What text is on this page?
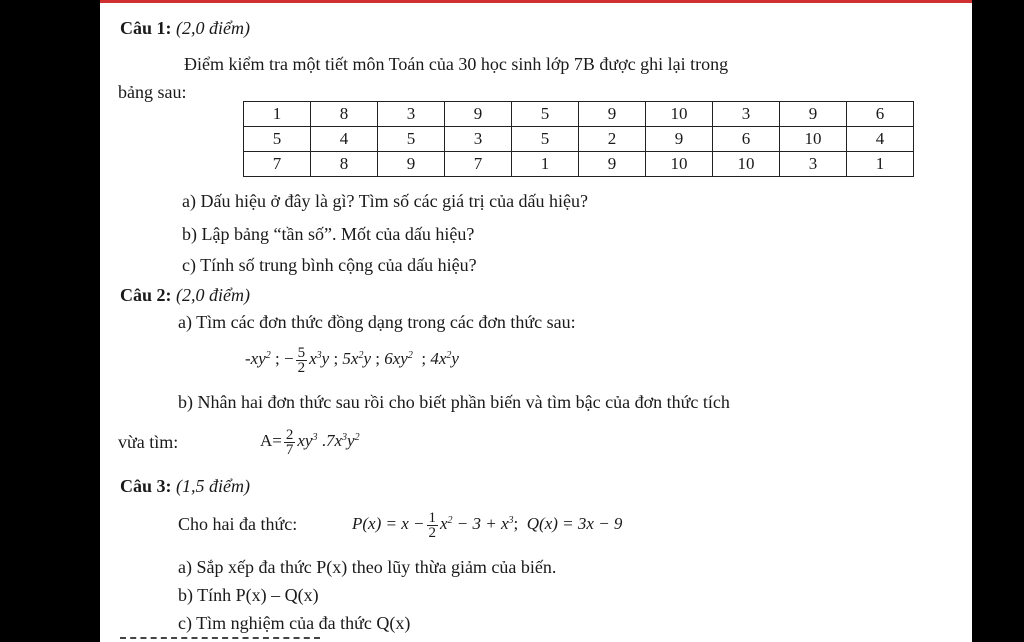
Câu 1: (2,0 điểm)
Điểm kiểm tra một tiết môn Toán của 30 học sinh lớp 7B được ghi lại trong
bảng sau:
1	8	3	9	5	9	10	3	9	6
5	4	5	3	5	2	9	6	10	4
7	8	9	7	1	9	10	10	3	1
a) Dấu hiệu ở đây là gì? Tìm số các giá trị của dấu hiệu?
b) Lập bảng “tần số”. Mốt của dấu hiệu?
c) Tính số trung bình cộng của dấu hiệu?
Câu 2: (2,0 điểm)
a) Tìm các đơn thức đồng dạng trong các đơn thức sau:
$-xy^2$ ; − $\frac{5}{2} x^3y$ ; $5x^2y$ ; $6xy^2$  ; $4x^2y$
b) Nhân hai đơn thức sau rồi cho biết phần biến và tìm bậc của đơn thức tích
vừa tìm:	$A= \frac{2}{7} xy^3$ $.7x^3y^2$
Câu 3: (1,5 điểm)
Cho hai đa thức:	$P(x) = x - \frac{1}{2} x^2 - 3 + x^3$;  Q(x) = 3x − 9
a) Sắp xếp đa thức P(x) theo lũy thừa giảm của biến.
b) Tính P(x) – Q(x)
c) Tìm nghiệm của đa thức Q(x)
